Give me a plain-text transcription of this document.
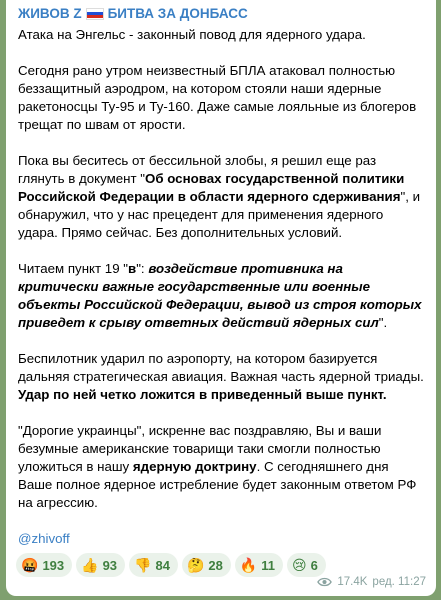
ЖИВОВ Z БИТВА ЗА ДОНБАСС

Атака на Энгельс - законный повод для ядерного удара.

Сегодня рано утром неизвестный БПЛА атаковал полностью беззащитный аэродром, на котором стояли наши ядерные ракетоносцы Ту-95 и Ту-160. Даже самые лояльные из блогеров трещат по швам от ярости.

Пока вы беситесь от бессильной злобы, я решил еще раз глянуть в документ "Об основах государственной политики Российской Федерации в области ядерного сдерживания", и обнаружил, что у нас прецедент для применения ядерного удара. Прямо сейчас. Без дополнительных условий.

Читаем пункт 19 "в": воздействие противника на критически важные государственные или военные объекты Российской Федерации, вывод из строя которых приведет к срыву ответных действий ядерных сил".

Беспилотник ударил по аэропорту, на котором базируется дальняя стратегическая авиация. Важная часть ядерной триады. Удар по ней четко ложится в приведенный выше пункт.

"Дорогие украинцы", искренне вас поздравляю, Вы и ваши безумные американские товарищи таки смогли полностью уложиться в нашу ядерную доктрину. С сегодняшнего дня Ваше полное ядерное истребление будет законным ответом РФ на агрессию.

@zhivoff

🤬 193 👍 93 👎 84 🤔 28 🔥 11 😢 6
17.4K ред. 11:27
